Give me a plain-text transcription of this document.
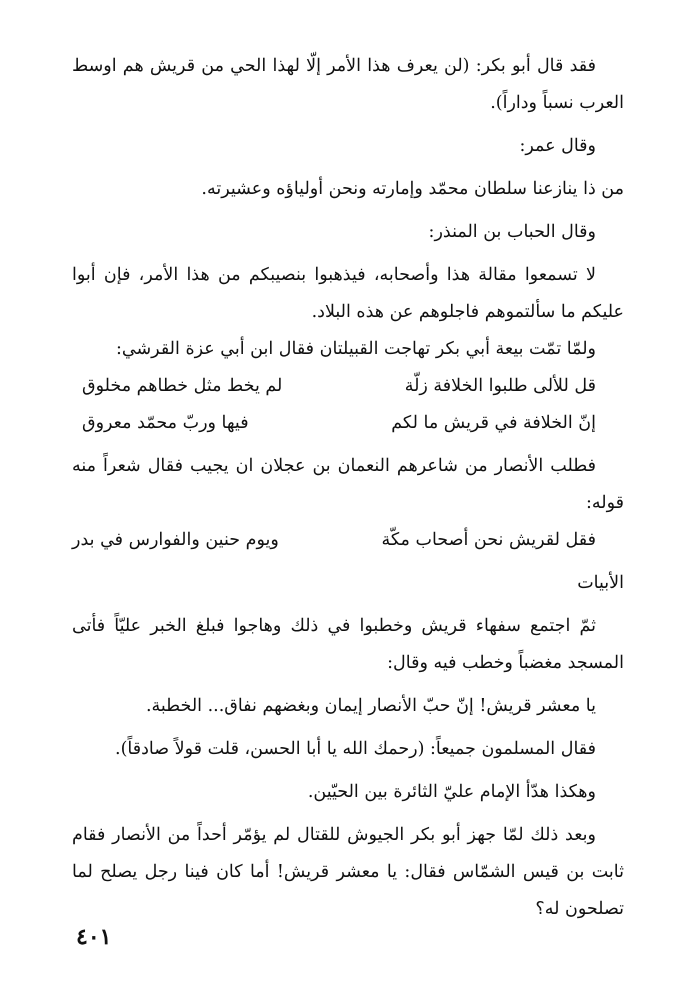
فقد قال أبو بكر: (لن يعرف هذا الأمر إلّا لهذا الحي من قريش هم اوسط العرب نسباً وداراً).

وقال عمر:

من ذا ينازعنا سلطان محمّد وإمارته ونحن أولياؤه وعشيرته.

وقال الحباب بن المنذر:

لا تسمعوا مقالة هذا وأصحابه، فيذهبوا بنصيبكم من هذا الأمر، فإن أبوا عليكم ما سألتموهم فاجلوهم عن هذه البلاد.

ولمّا تمّت بيعة أبي بكر تهاجت القبيلتان فقال ابن أبي عزة القرشي:

قل للألى طلبوا الخلافة زلّة
لم يخط مثل خطاهم مخلوق
إنّ الخلافة في قريش ما لكم
فيها وربّ محمّد معروق

فطلب الأنصار من شاعرهم النعمان بن عجلان ان يجيب فقال شعراً منه قوله:

فقل لقريش نحن أصحاب مكّة
ويوم حنين والفوارس في بدر

الأبيات

ثمّ اجتمع سفهاء قريش وخطبوا في ذلك وهاجوا فبلغ الخبر عليّاً فأتى المسجد مغضباً وخطب فيه وقال:

يا معشر قريش! إنّ حبّ الأنصار إيمان وبغضهم نفاق... الخطبة.

فقال المسلمون جميعاً: (رحمك الله يا أبا الحسن، قلت قولاً صادقاً).

وهكذا هدّأ الإمام عليّ الثائرة بين الحيّين.

وبعد ذلك لمّا جهز أبو بكر الجيوش للقتال لم يؤمّر أحداً من الأنصار فقام ثابت بن قيس الشمّاس فقال: يا معشر قريش! أما كان فينا رجل يصلح لما تصلحون له؟

٤٠١
